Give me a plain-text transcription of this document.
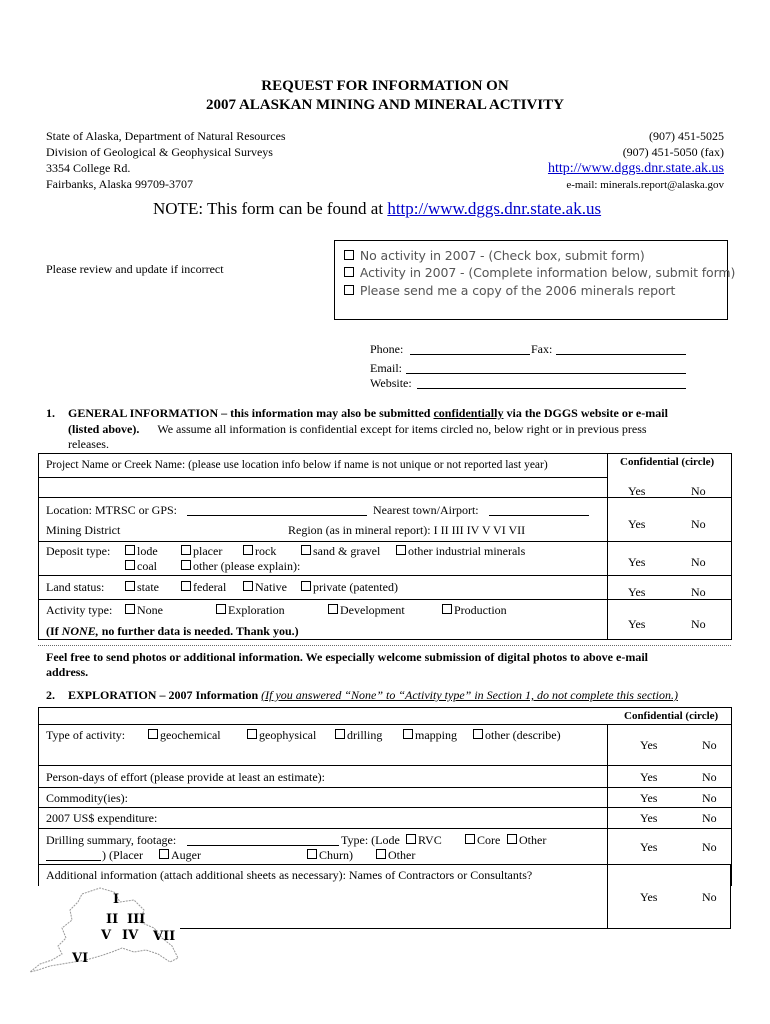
REQUEST FOR INFORMATION ON
2007 ALASKAN MINING AND MINERAL ACTIVITY
State of Alaska, Department of Natural Resources
Division of Geological & Geophysical Surveys
3354 College Rd.
Fairbanks, Alaska 99709-3707
(907) 451-5025
(907) 451-5050 (fax)
http://www.dggs.dnr.state.ak.us
e-mail: minerals.report@alaska.gov
NOTE: This form can be found at http://www.dggs.dnr.state.ak.us
Please review and update if incorrect
No activity in 2007 - (Check box, submit form)
Activity in 2007 - (Complete information below, submit form)
Please send me a copy of the 2006 minerals report
Phone:	Fax:
Email:
Website:
1. GENERAL INFORMATION – this information may also be submitted confidentially via the DGGS website or e-mail
(listed above). We assume all information is confidential except for items circled no, below right or in previous press
releases.
Project Name or Creek Name: (please use location info below if name is not unique or not reported last year)	Confidential (circle)
Yes	No
Location: MTRSC or GPS:	Nearest town/Airport:
Mining District	Region (as in mineral report): I II III IV V VI VII	Yes	No
Deposit type:	lode	placer	rock	sand & gravel	other industrial minerals
coal	other (please explain):	Yes	No
Land status:	state	federal	Native	private (patented)	Yes	No
Activity type:	None	Exploration	Development	Production
(If NONE, no further data is needed. Thank you.)	Yes	No
Feel free to send photos or additional information. We especially welcome submission of digital photos to above e-mail
address.
2. EXPLORATION – 2007 Information (If you answered “None” to “Activity type” in Section 1, do not complete this section.)
Confidential (circle)
Type of activity:	geochemical	geophysical	drilling	mapping	other (describe)
Yes	No
Person-days of effort (please provide at least an estimate):	Yes	No
Commodity(ies):	Yes	No
2007 US$ expenditure:	Yes	No
Drilling summary, footage:	Type: (Lode	RVC	Core	Other
) (Placer	Auger	Churn)	Other
Yes	No
Additional information (attach additional sheets as necessary): Names of Contractors or Consultants?
Yes	No
I
II III
V IV VII
VI
